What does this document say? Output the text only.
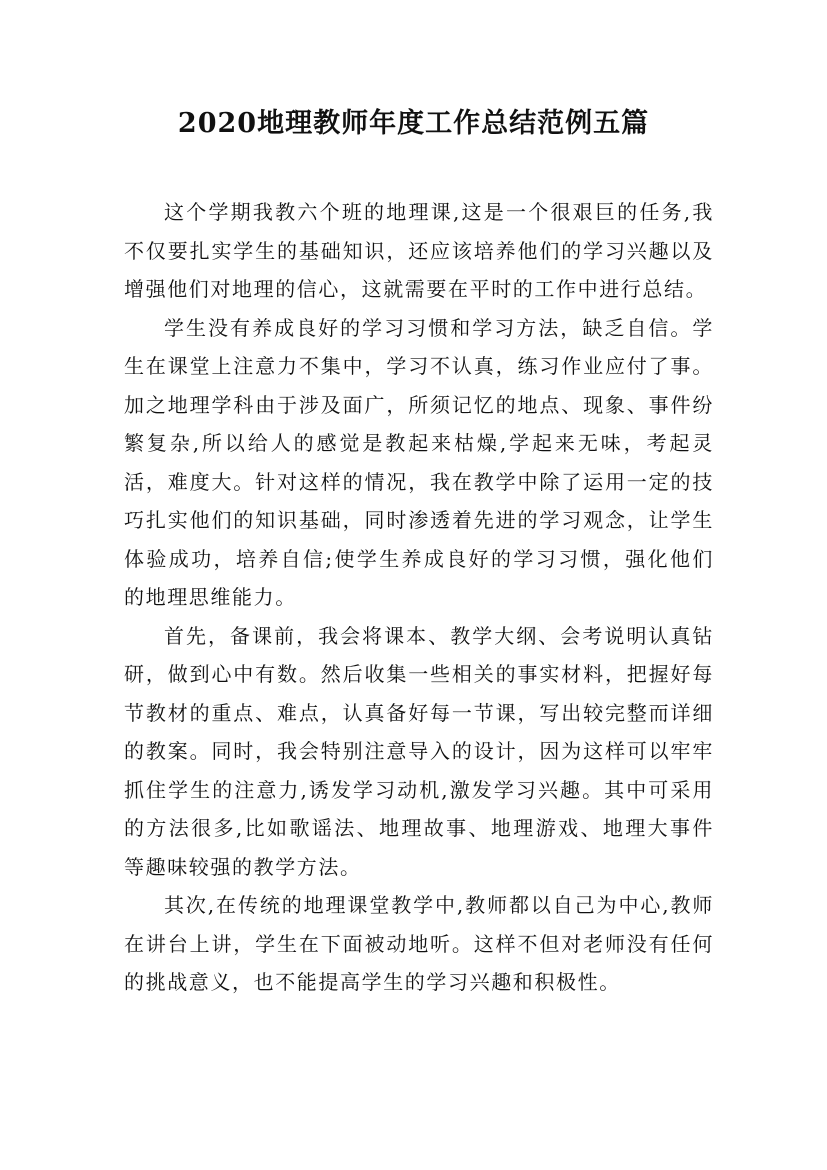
2020地理教师年度工作总结范例五篇

这个学期我教六个班的地理课,这是一个很艰巨的任务,我不仅要扎实学生的基础知识，还应该培养他们的学习兴趣以及增强他们对地理的信心，这就需要在平时的工作中进行总结。

学生没有养成良好的学习习惯和学习方法，缺乏自信。学生在课堂上注意力不集中，学习不认真，练习作业应付了事。加之地理学科由于涉及面广，所须记忆的地点、现象、事件纷繁复杂,所以给人的感觉是教起来枯燥,学起来无味，考起灵活，难度大。针对这样的情况，我在教学中除了运用一定的技巧扎实他们的知识基础，同时渗透着先进的学习观念，让学生体验成功，培养自信;使学生养成良好的学习习惯，强化他们的地理思维能力。

首先，备课前，我会将课本、教学大纲、会考说明认真钻研，做到心中有数。然后收集一些相关的事实材料，把握好每节教材的重点、难点，认真备好每一节课，写出较完整而详细的教案。同时，我会特别注意导入的设计，因为这样可以牢牢抓住学生的注意力,诱发学习动机,激发学习兴趣。其中可采用的方法很多,比如歌谣法、地理故事、地理游戏、地理大事件等趣味较强的教学方法。

其次,在传统的地理课堂教学中,教师都以自己为中心,教师在讲台上讲，学生在下面被动地听。这样不但对老师没有任何的挑战意义，也不能提高学生的学习兴趣和积极性。
